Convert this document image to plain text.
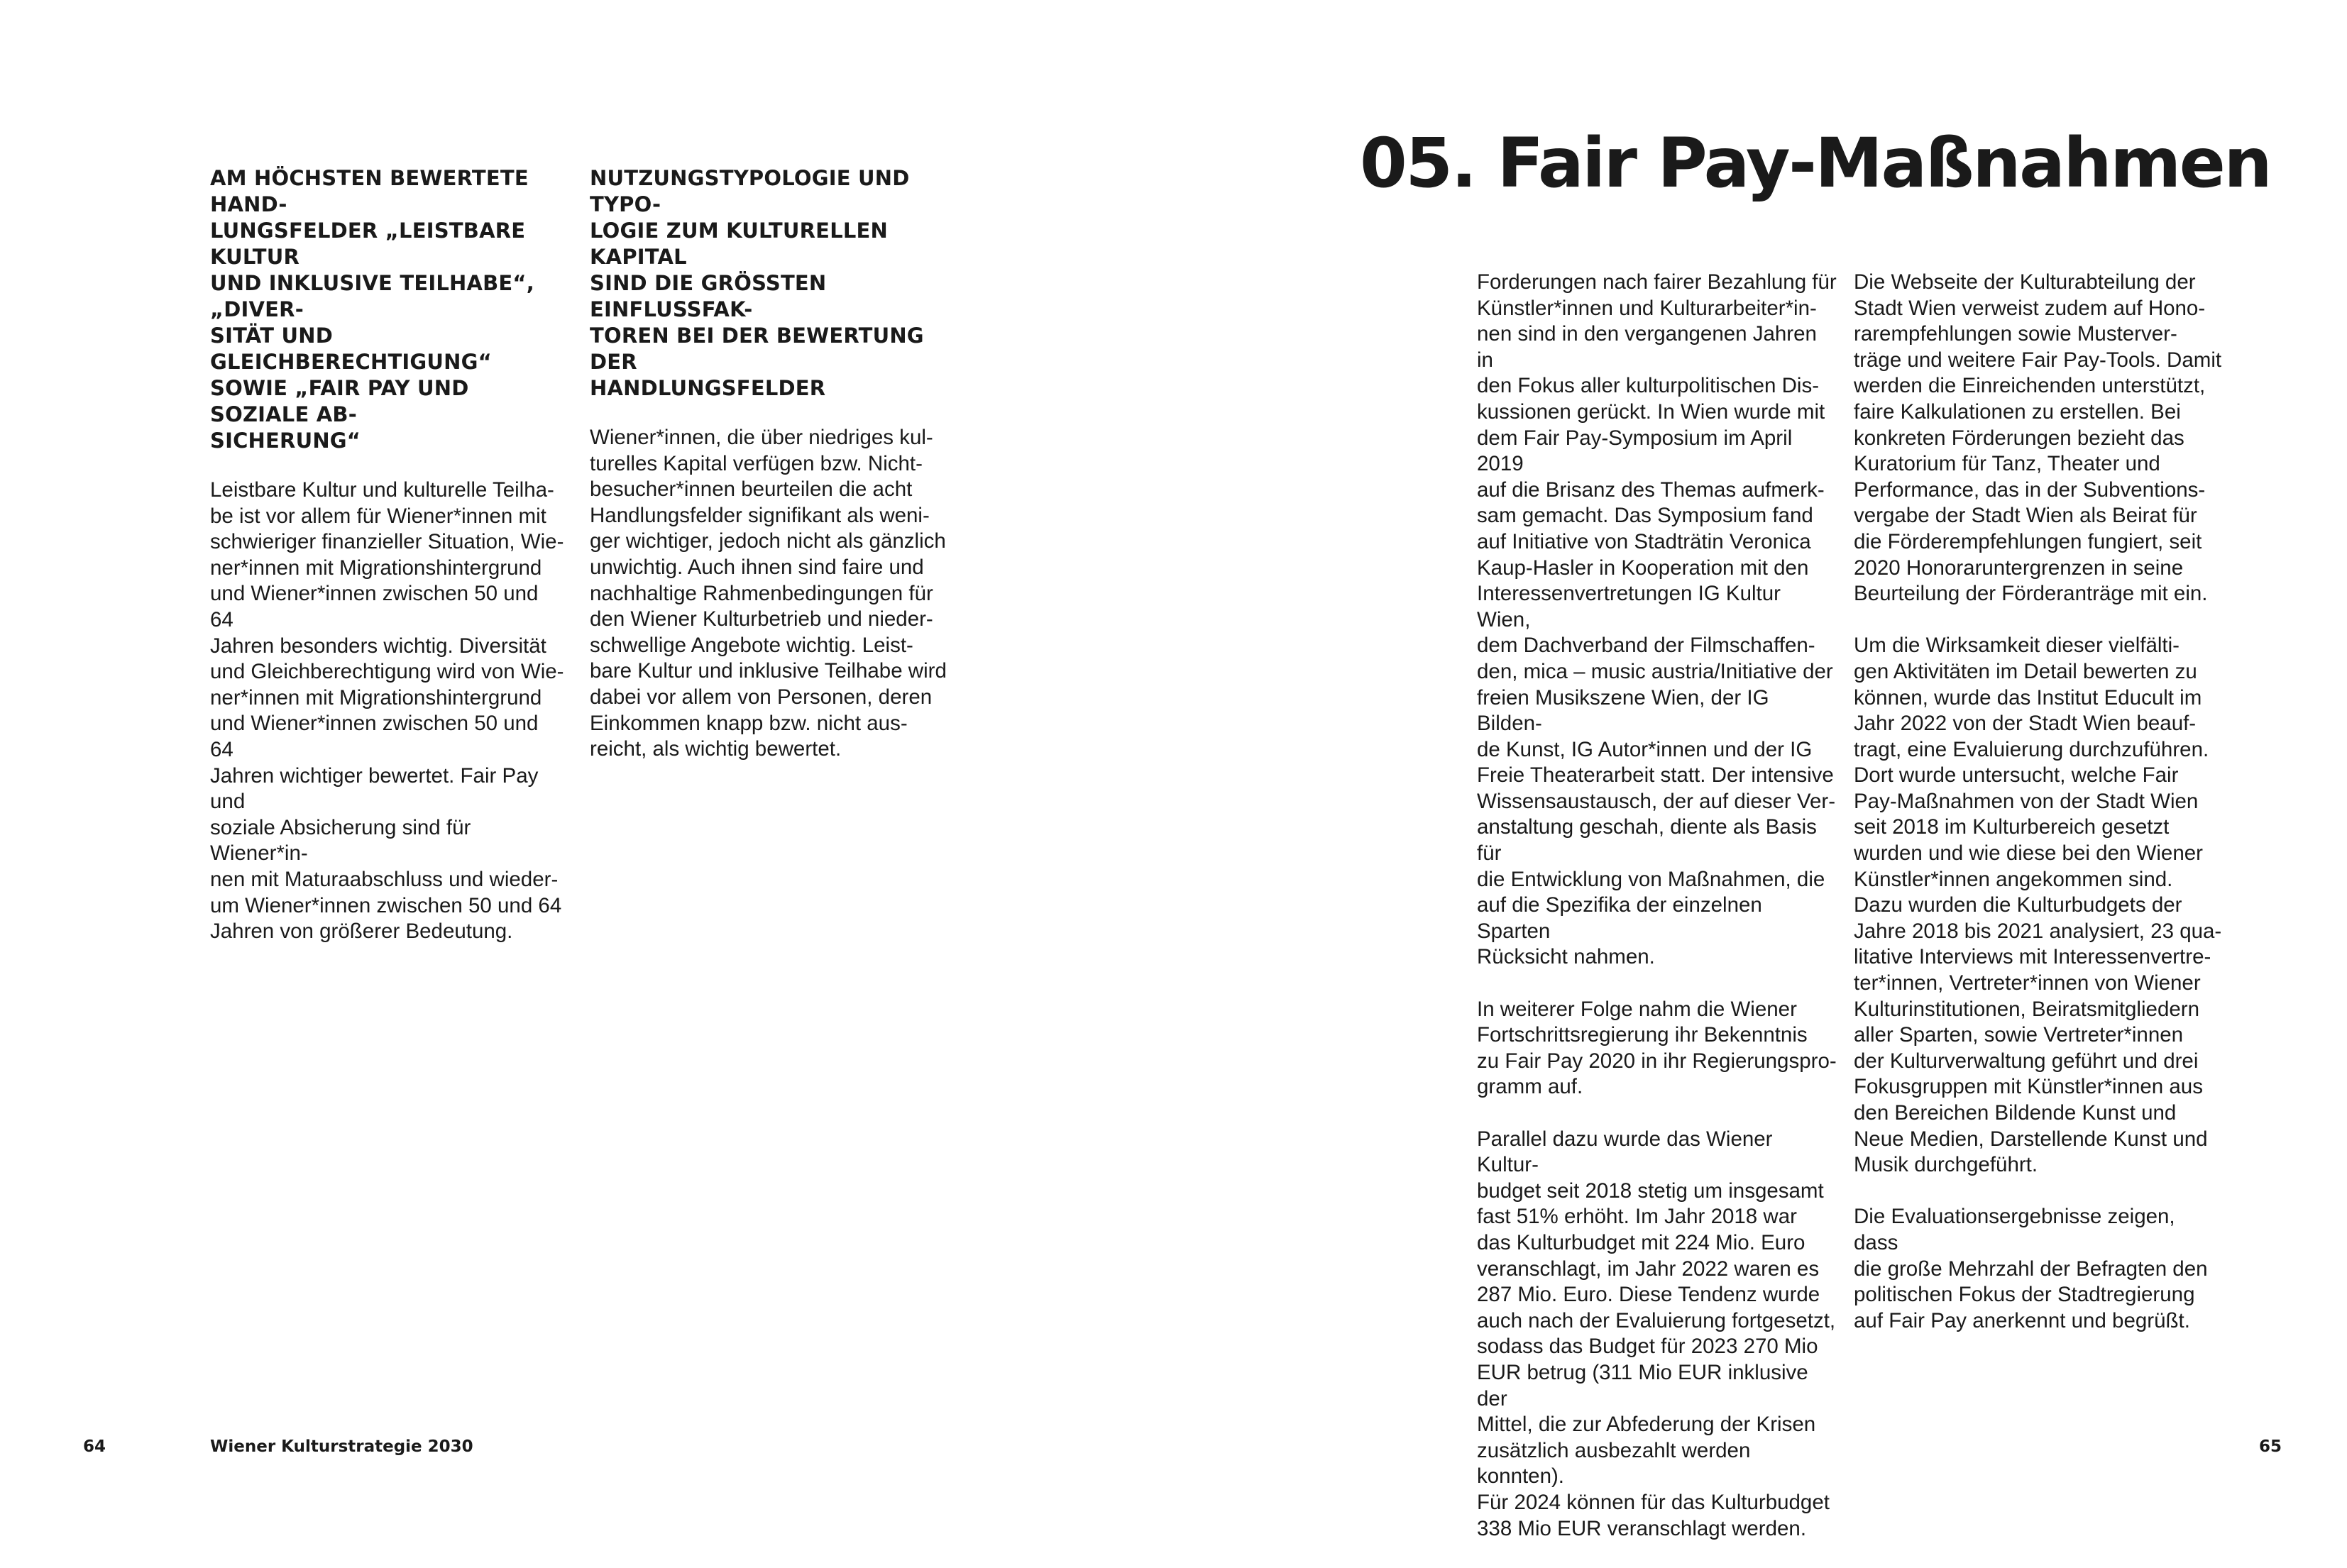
AM HÖCHSTEN BEWERTETE HAND-
LUNGSFELDER „LEISTBARE KULTUR
UND INKLUSIVE TEILHABE“, „DIVER-
SITÄT UND GLEICHBERECHTIGUNG“
SOWIE „FAIR PAY UND SOZIALE AB-
SICHERUNG“

Leistbare Kultur und kulturelle Teilha-
be ist vor allem für Wiener*innen mit
schwieriger finanzieller Situation, Wie-
ner*innen mit Migrationshintergrund
und Wiener*innen zwischen 50 und 64
Jahren besonders wichtig. Diversität
und Gleichberechtigung wird von Wie-
ner*innen mit Migrationshintergrund
und Wiener*innen zwischen 50 und 64
Jahren wichtiger bewertet. Fair Pay und
soziale Absicherung sind für Wiener*in-
nen mit Maturaabschluss und wieder-
um Wiener*innen zwischen 50 und 64
Jahren von größerer Bedeutung.

NUTZUNGSTYPOLOGIE UND TYPO-
LOGIE ZUM KULTURELLEN KAPITAL
SIND DIE GRÖSSTEN EINFLUSSFAK-
TOREN BEI DER BEWERTUNG DER
HANDLUNGSFELDER

Wiener*innen, die über niedriges kul-
turelles Kapital verfügen bzw. Nicht-
besucher*innen beurteilen die acht
Handlungsfelder signifikant als weni-
ger wichtiger, jedoch nicht als gänzlich
unwichtig. Auch ihnen sind faire und
nachhaltige Rahmenbedingungen für
den Wiener Kulturbetrieb und nieder-
schwellige Angebote wichtig. Leist-
bare Kultur und inklusive Teilhabe wird
dabei vor allem von Personen, deren
Einkommen knapp bzw. nicht aus-
reicht, als wichtig bewertet.

64	Wiener Kulturstrategie 2030

05. Fair Pay-Maßnahmen

Forderungen nach fairer Bezahlung für
Künstler*innen und Kulturarbeiter*in-
nen sind in den vergangenen Jahren in
den Fokus aller kulturpolitischen Dis-
kussionen gerückt. In Wien wurde mit
dem Fair Pay-Symposium im April 2019
auf die Brisanz des Themas aufmerk-
sam gemacht. Das Symposium fand
auf Initiative von Stadträtin Veronica
Kaup-Hasler in Kooperation mit den
Interessenvertretungen IG Kultur Wien,
dem Dachverband der Filmschaffen-
den, mica – music austria/Initiative der
freien Musikszene Wien, der IG Bilden-
de Kunst, IG Autor*innen und der IG
Freie Theaterarbeit statt. Der intensive
Wissensaustausch, der auf dieser Ver-
anstaltung geschah, diente als Basis für
die Entwicklung von Maßnahmen, die
auf die Spezifika der einzelnen Sparten
Rücksicht nahmen.

In weiterer Folge nahm die Wiener
Fortschrittsregierung ihr Bekenntnis
zu Fair Pay 2020 in ihr Regierungspro-
gramm auf.

Parallel dazu wurde das Wiener Kultur-
budget seit 2018 stetig um insgesamt
fast 51% erhöht. Im Jahr 2018 war
das Kulturbudget mit 224 Mio. Euro
veranschlagt, im Jahr 2022 waren es
287 Mio. Euro. Diese Tendenz wurde
auch nach der Evaluierung fortgesetzt,
sodass das Budget für 2023 270 Mio
EUR betrug (311 Mio EUR inklusive der
Mittel, die zur Abfederung der Krisen
zusätzlich ausbezahlt werden konnten).
Für 2024 können für das Kulturbudget
338 Mio EUR veranschlagt werden.

Die Webseite der Kulturabteilung der
Stadt Wien verweist zudem auf Hono-
rarempfehlungen sowie Musterver-
träge und weitere Fair Pay-Tools. Damit
werden die Einreichenden unterstützt,
faire Kalkulationen zu erstellen. Bei
konkreten Förderungen bezieht das
Kuratorium für Tanz, Theater und
Performance, das in der Subventions-
vergabe der Stadt Wien als Beirat für
die Förderempfehlungen fungiert, seit
2020 Honoraruntergrenzen in seine
Beurteilung der Förderanträge mit ein.

Um die Wirksamkeit dieser vielfälti-
gen Aktivitäten im Detail bewerten zu
können, wurde das Institut Educult im
Jahr 2022 von der Stadt Wien beauf-
tragt, eine Evaluierung durchzuführen.
Dort wurde untersucht, welche Fair
Pay-Maßnahmen von der Stadt Wien
seit 2018 im Kulturbereich gesetzt
wurden und wie diese bei den Wiener
Künstler*innen angekommen sind.
Dazu wurden die Kulturbudgets der
Jahre 2018 bis 2021 analysiert, 23 qua-
litative Interviews mit Interessenvertre-
ter*innen, Vertreter*innen von Wiener
Kulturinstitutionen, Beiratsmitgliedern
aller Sparten, sowie Vertreter*innen
der Kulturverwaltung geführt und drei
Fokusgruppen mit Künstler*innen aus
den Bereichen Bildende Kunst und
Neue Medien, Darstellende Kunst und
Musik durchgeführt.

Die Evaluationsergebnisse zeigen, dass
die große Mehrzahl der Befragten den
politischen Fokus der Stadtregierung
auf Fair Pay anerkennt und begrüßt.

65
